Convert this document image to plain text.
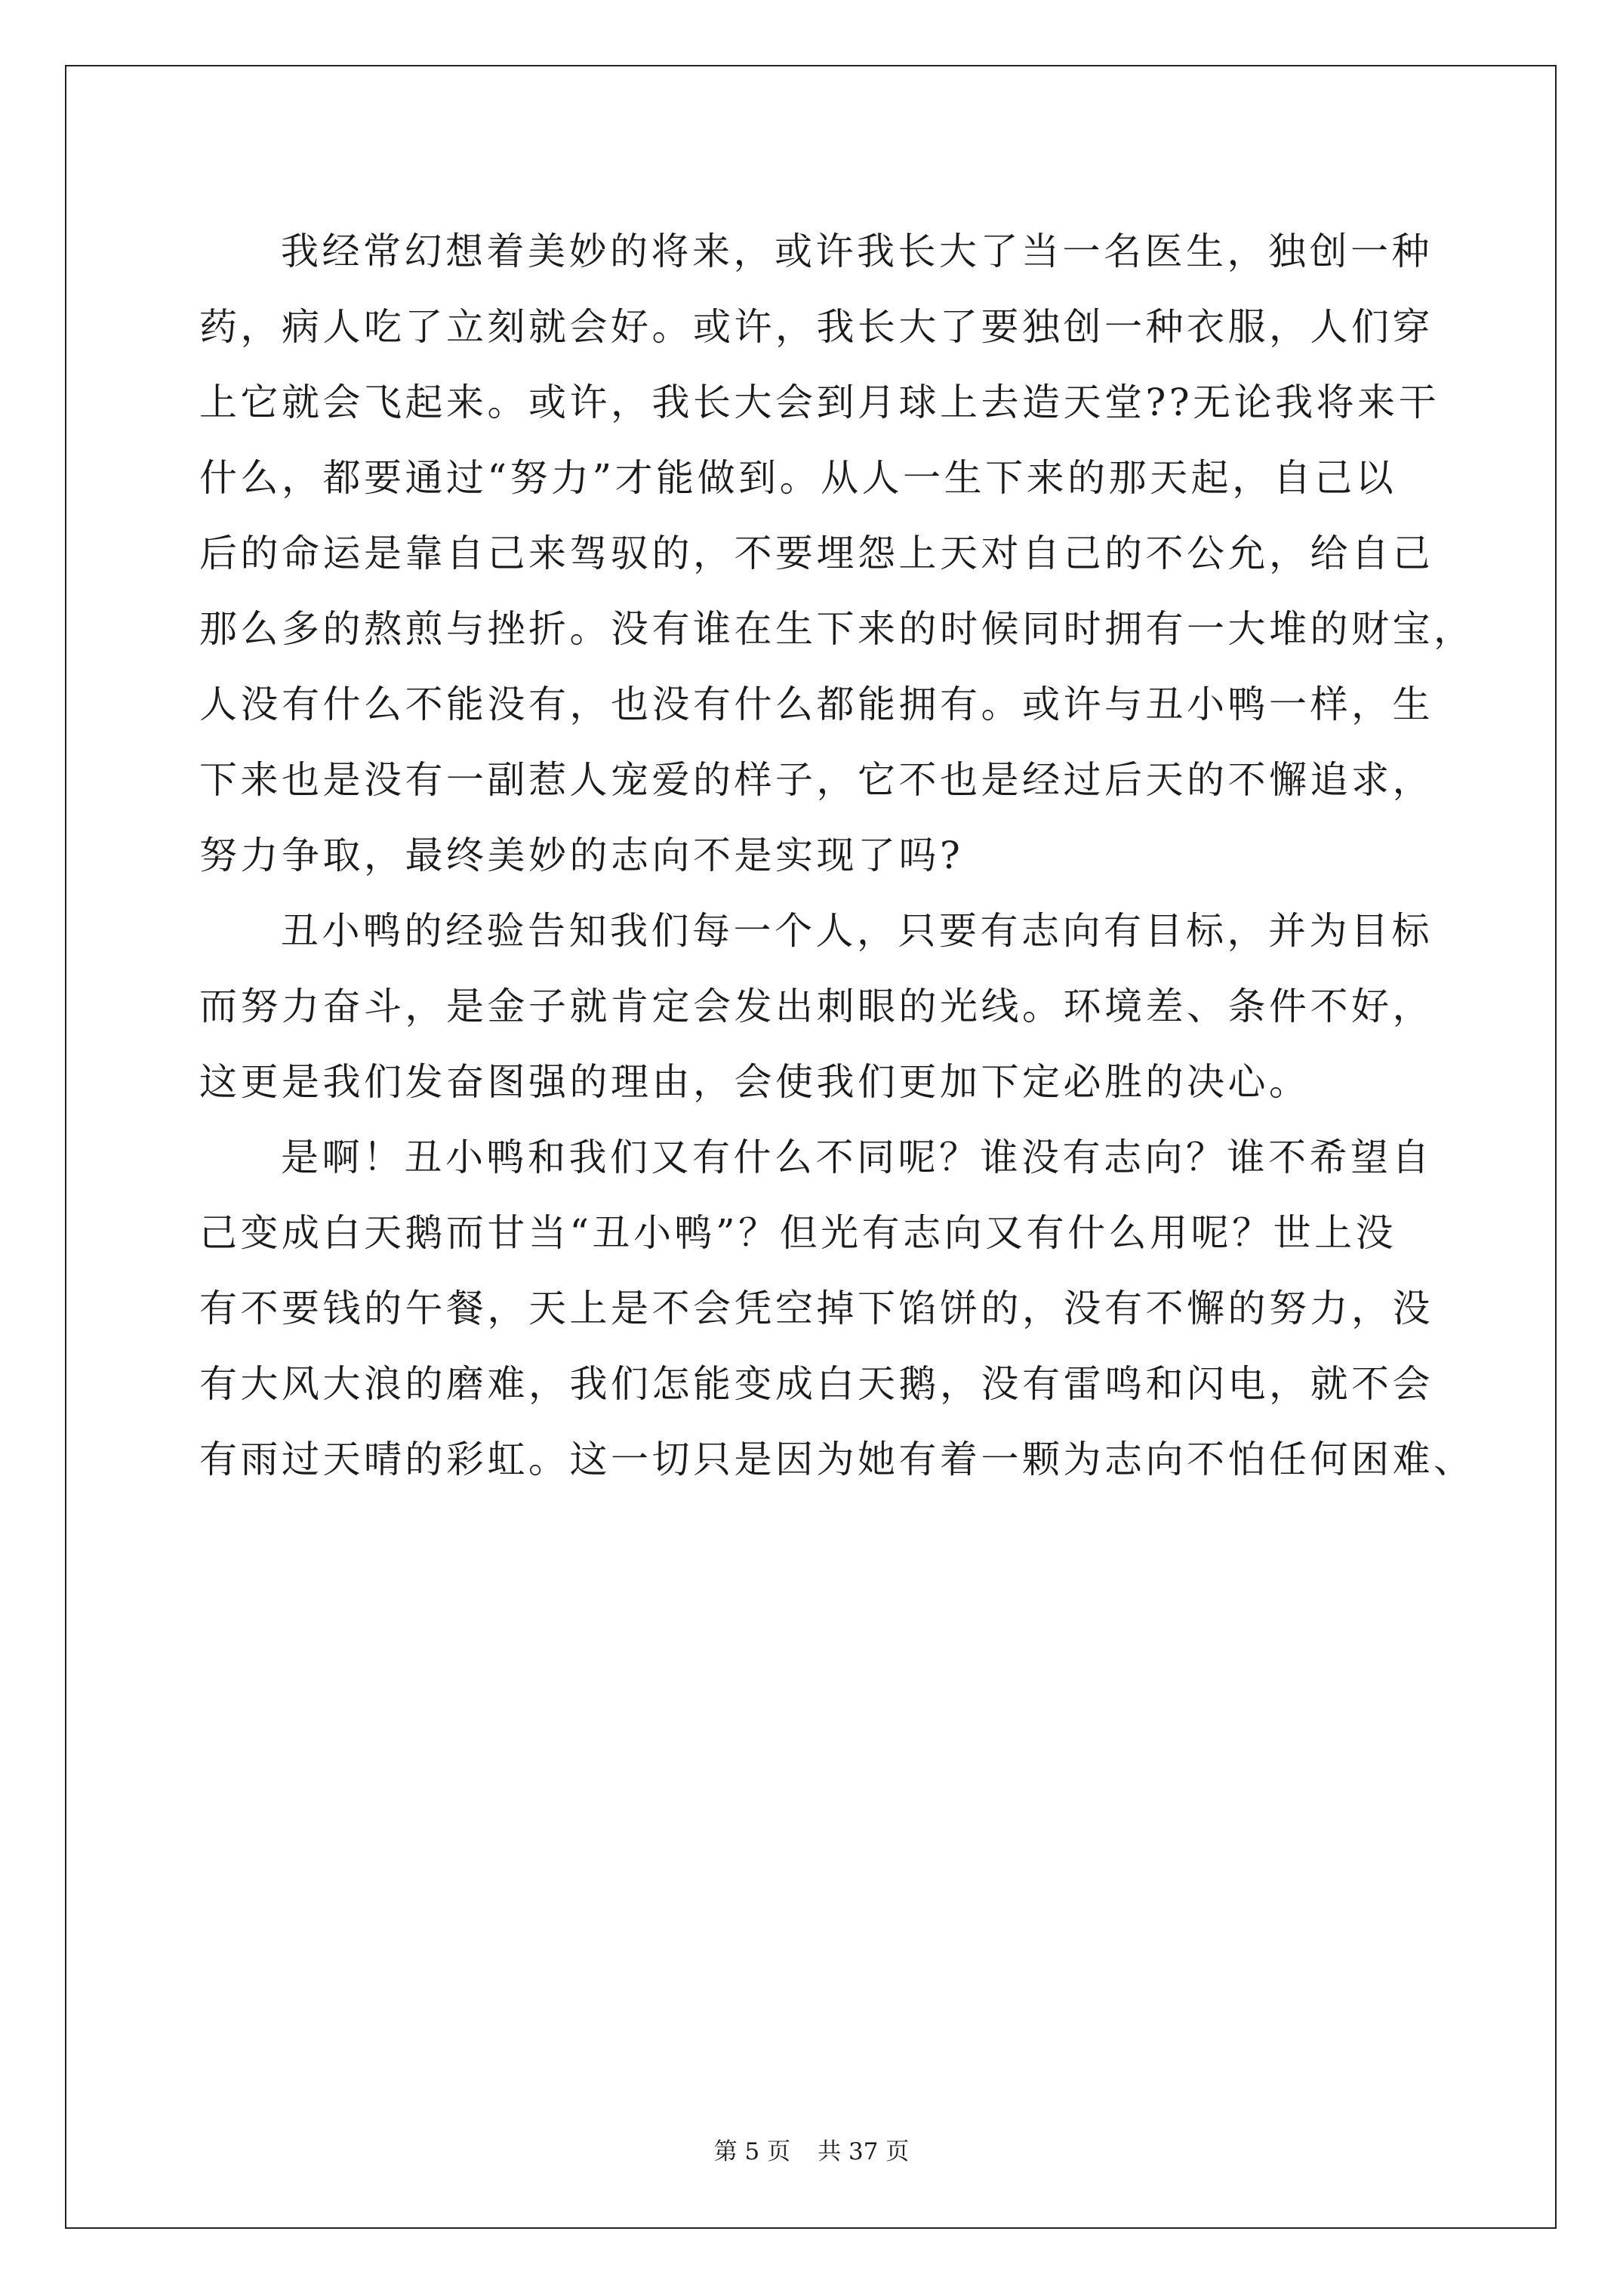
我经常幻想着美妙的将来，或许我长大了当一名医生，独创一种
药，病人吃了立刻就会好。或许，我长大了要独创一种衣服，人们穿
上它就会飞起来。或许，我长大会到月球上去造天堂??无论我将来干
什么，都要通过“努力”才能做到。从人一生下来的那天起，自己以
后的命运是靠自己来驾驭的，不要埋怨上天对自己的不公允，给自己
那么多的熬煎与挫折。没有谁在生下来的时候同时拥有一大堆的财宝，
人没有什么不能没有，也没有什么都能拥有。或许与丑小鸭一样，生
下来也是没有一副惹人宠爱的样子，它不也是经过后天的不懈追求，
努力争取，最终美妙的志向不是实现了吗?
丑小鸭的经验告知我们每一个人，只要有志向有目标，并为目标
而努力奋斗，是金子就肯定会发出刺眼的光线。环境差、条件不好，
这更是我们发奋图强的理由，会使我们更加下定必胜的决心。
是啊！丑小鸭和我们又有什么不同呢？谁没有志向？谁不希望自
己变成白天鹅而甘当“丑小鸭”？但光有志向又有什么用呢？世上没
有不要钱的午餐，天上是不会凭空掉下馅饼的，没有不懈的努力，没
有大风大浪的磨难，我们怎能变成白天鹅，没有雷鸣和闪电，就不会
有雨过天晴的彩虹。这一切只是因为她有着一颗为志向不怕任何困难、
第 5 页 共 37 页
